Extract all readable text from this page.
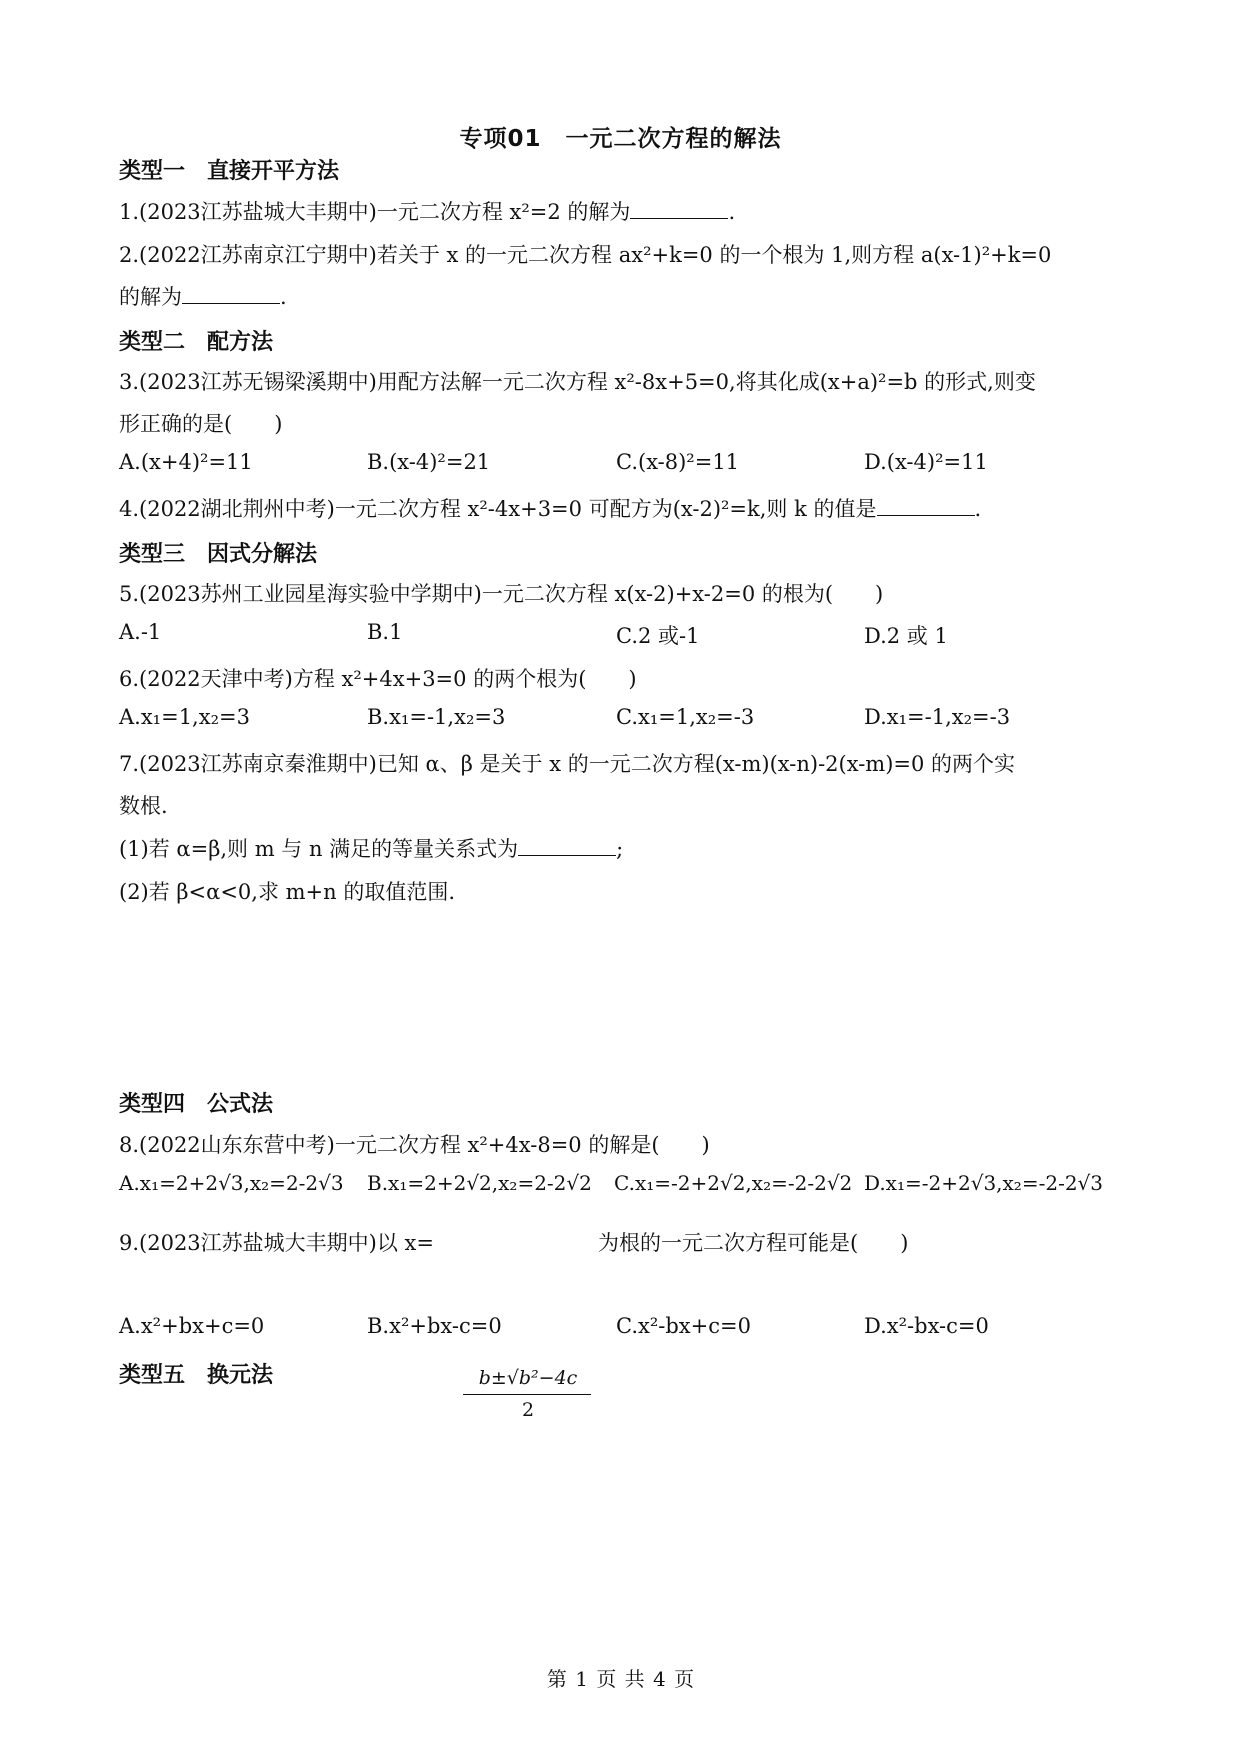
专项01　一元二次方程的解法
类型一　直接开平方法
1.(2023江苏盐城大丰期中)一元二次方程 x²=2 的解为	.
2.(2022江苏南京江宁期中)若关于 x 的一元二次方程 ax²+k=0 的一个根为 1,则方程 a(x-1)²+k=0
的解为	.
类型二　配方法
3.(2023江苏无锡梁溪期中)用配方法解一元二次方程 x²-8x+5=0,将其化成(x+a)²=b 的形式,则变
形正确的是(　　)
A.(x+4)²=11	B.(x-4)²=21	C.(x-8)²=11	D.(x-4)²=11
4.(2022湖北荆州中考)一元二次方程 x²-4x+3=0 可配方为(x-2)²=k,则 k 的值是	.
类型三　因式分解法
5.(2023苏州工业园星海实验中学期中)一元二次方程 x(x-2)+x-2=0 的根为(　　)
A.-1	B.1	C.2 或-1	D.2 或 1
6.(2022天津中考)方程 x²+4x+3=0 的两个根为(　　)
A.x₁=1,x₂=3	B.x₁=-1,x₂=3	C.x₁=1,x₂=-3	D.x₁=-1,x₂=-3
7.(2023江苏南京秦淮期中)已知 α、β 是关于 x 的一元二次方程(x-m)(x-n)-2(x-m)=0 的两个实
数根.
(1)若 α=β,则 m 与 n 满足的等量关系式为	;
(2)若 β<α<0,求 m+n 的取值范围.
类型四　公式法
8.(2022山东东营中考)一元二次方程 x²+4x-8=0 的解是(　　)
A.x₁=2+2√3,x₂=2-2√3 B.x₁=2+2√2,x₂=2-2√2 C.x₁=-2+2√2,x₂=-2-2√2 D.x₁=-2+2√3,x₂=-2-2√3
9.(2023江苏盐城大丰期中)以 x=
b±√b²−4c
2
为根的一元二次方程可能是(　　)
A.x²+bx+c=0	B.x²+bx-c=0	C.x²-bx+c=0	D.x²-bx-c=0
类型五　换元法
第 1 页 共 4 页
